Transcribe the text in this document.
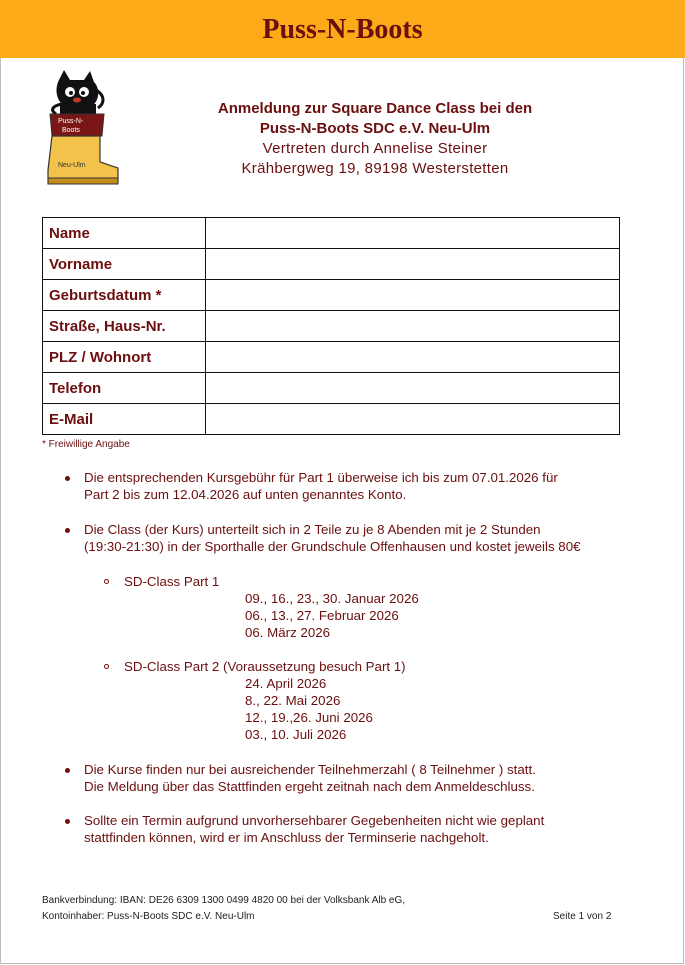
Puss-N-Boots
Puss-N-
Boots
Neu-Ulm
Anmeldung zur Square Dance Class bei den
Puss-N-Boots SDC e.V. Neu-Ulm
Vertreten durch Annelise Steiner
Krähbergweg 19, 89198 Westerstetten
Name	
Vorname	
Geburtsdatum *	
Straße, Haus-Nr.	
PLZ / Wohnort	
Telefon	
E-Mail	
* Freiwillige Angabe
Die entsprechenden Kursgebühr für Part 1 überweise ich bis zum 07.01.2026 für
Part 2 bis zum 12.04.2026 auf unten genanntes Konto.
Die Class (der Kurs) unterteilt sich in 2 Teile zu je 8 Abenden mit je 2 Stunden
(19:30-21:30) in der Sporthalle der Grundschule Offenhausen und kostet jeweils 80€
SD-Class Part 1
09., 16., 23., 30. Januar 2026
06., 13., 27. Februar 2026
06. März 2026
SD-Class Part 2 (Voraussetzung besuch Part 1)
24. April 2026
8., 22. Mai 2026
12., 19.,26. Juni 2026
03., 10. Juli 2026
Die Kurse finden nur bei ausreichender Teilnehmerzahl ( 8 Teilnehmer ) statt.
Die Meldung über das Stattfinden ergeht zeitnah nach dem Anmeldeschluss.
Sollte ein Termin aufgrund unvorhersehbarer Gegebenheiten nicht wie geplant
stattfinden können, wird er im Anschluss der Terminserie nachgeholt.
Bankverbindung: IBAN: DE26 6309 1300 0499 4820 00 bei der Volksbank Alb eG,
Kontoinhaber: Puss-N-Boots SDC e.V. Neu-Ulm	Seite 1 von 2
